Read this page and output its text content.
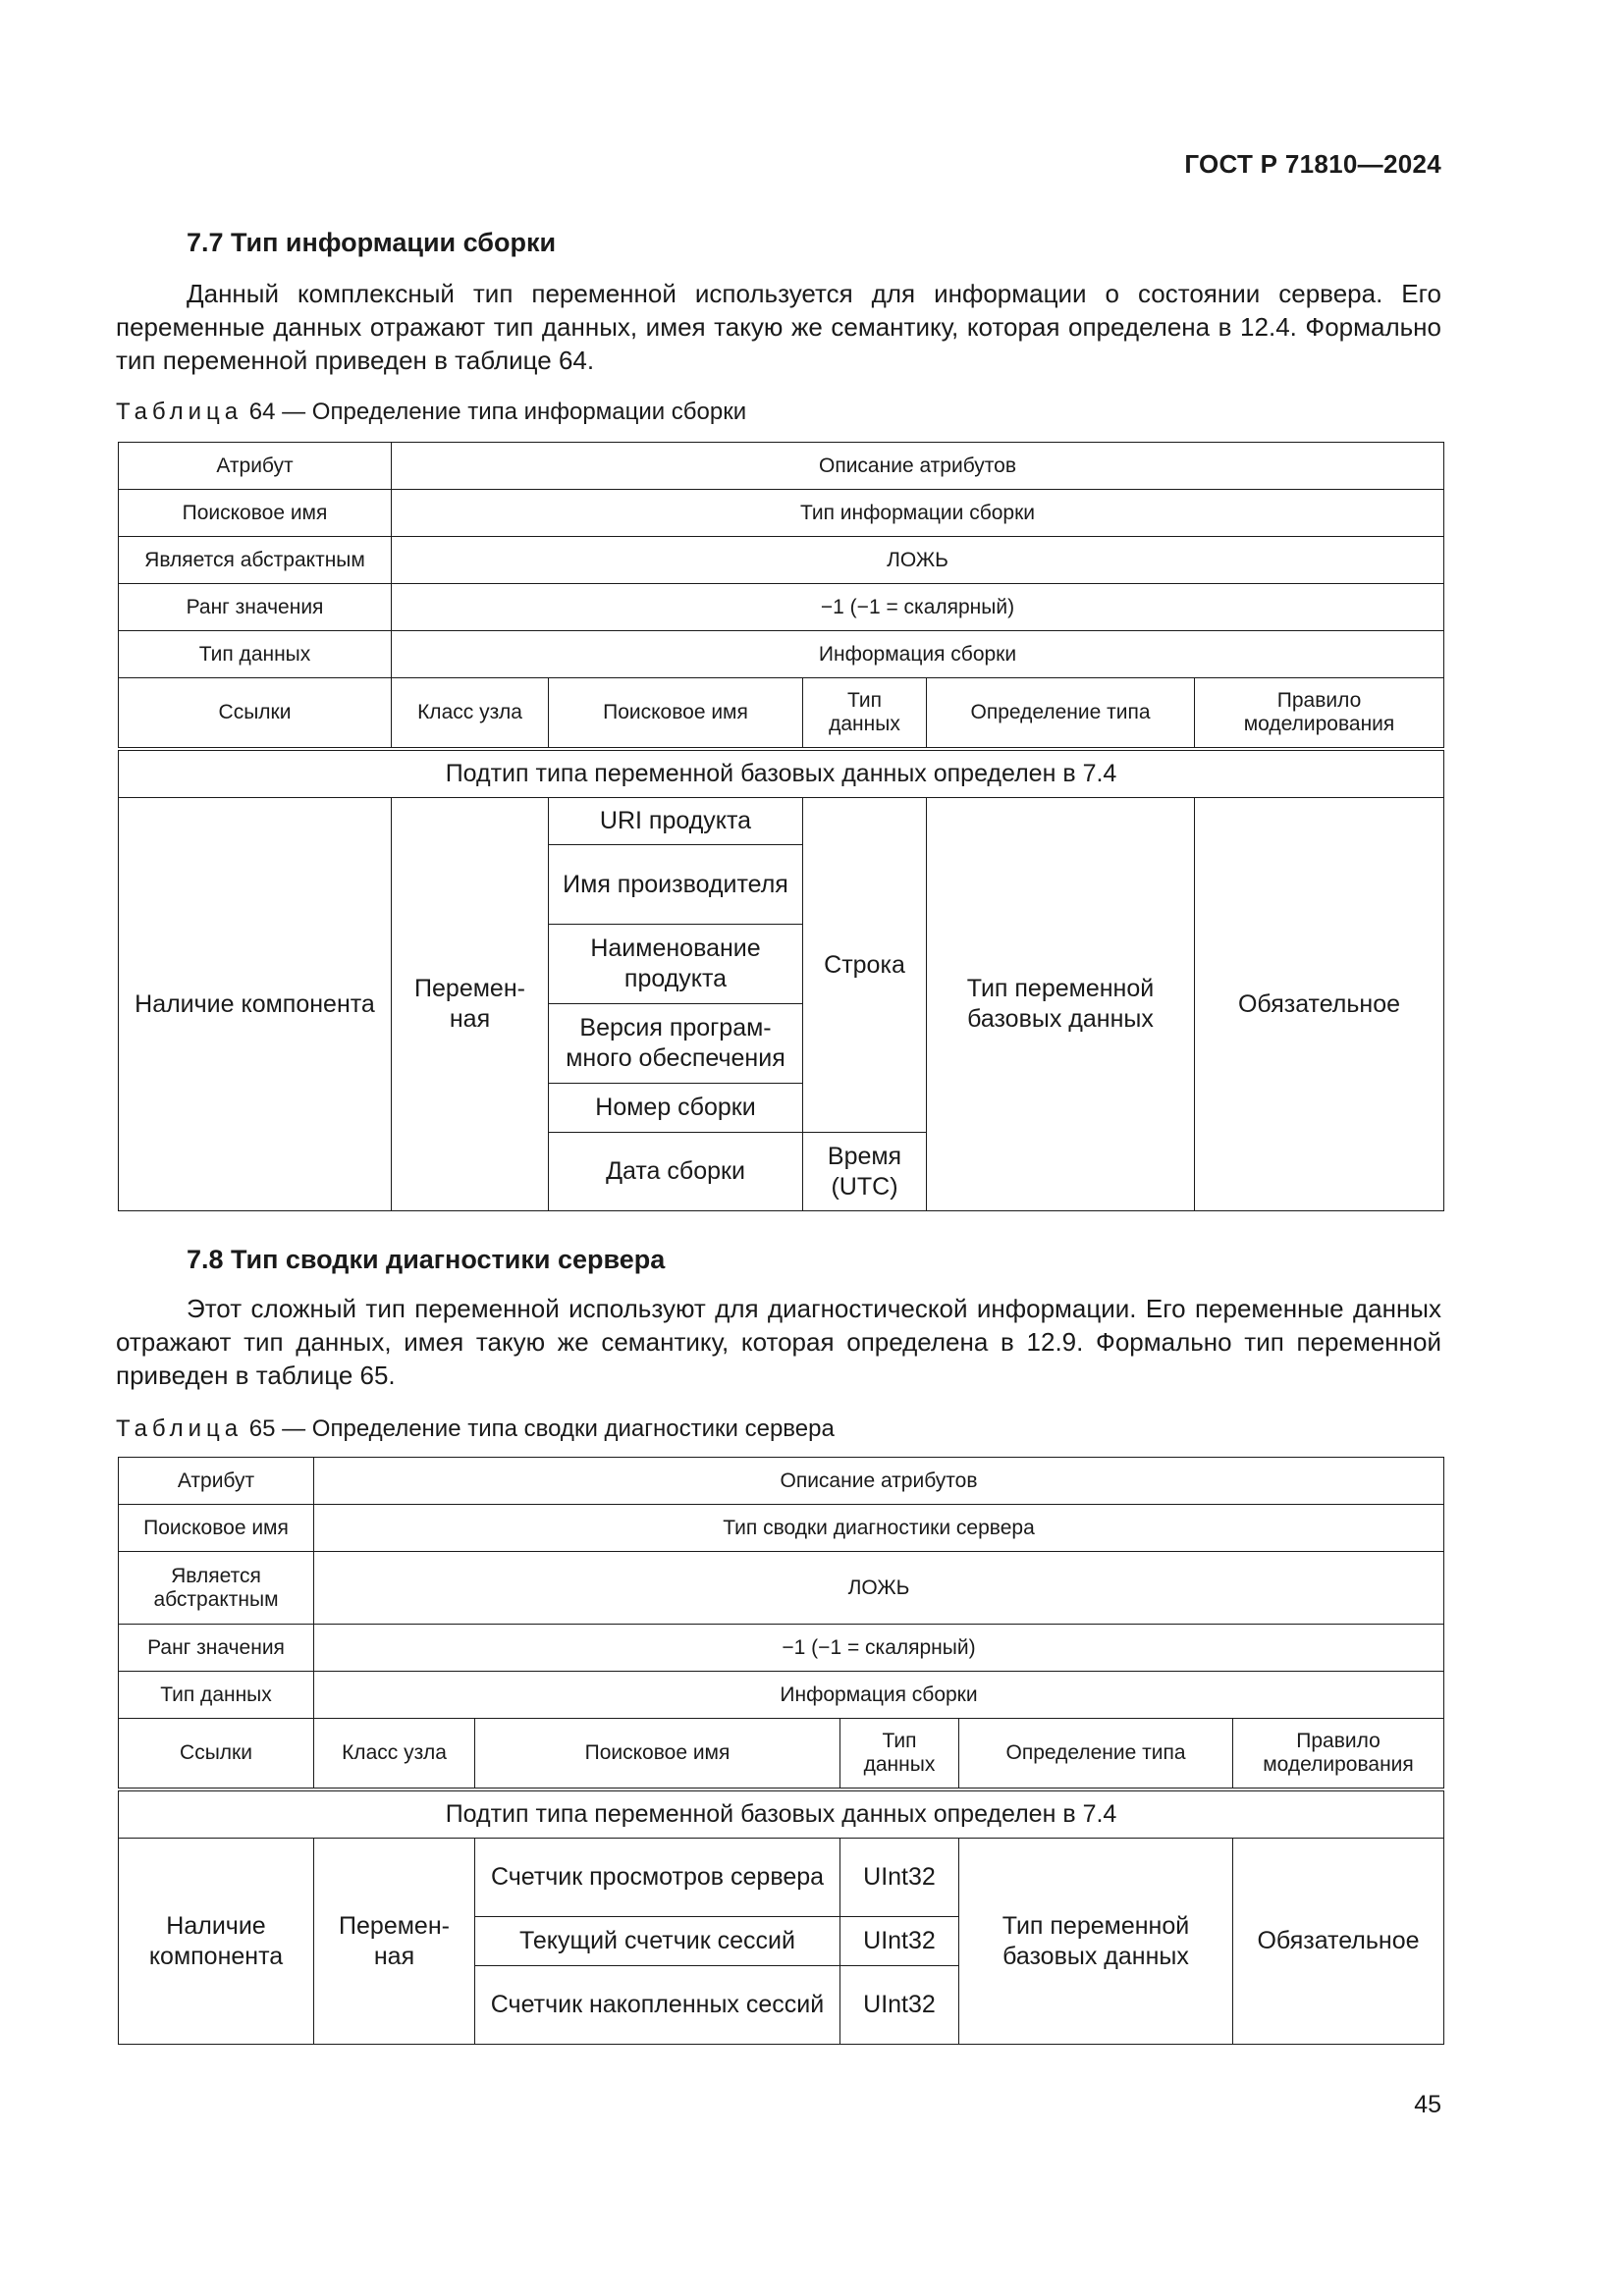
ГОСТ Р 71810—2024
7.7 Тип информации сборки
Данный комплексный тип переменной используется для информации о состоянии сервера. Его переменные данных отражают тип данных, имея такую же семантику, которая определена в 12.4. Формально тип переменной приведен в таблице 64.
Таблица 64 — Определение типа информации сборки
Атрибут	Описание атрибутов				
Поисковое имя	Тип информации сборки				
Является абстрактным	ЛОЖЬ				
Ранг значения	−1 (−1 = скалярный)				
Тип данных	Информация сборки				
Ссылки	Класс узла	Поисковое имя	Тип данных	Определение типа	Правило моделирования
Подтип типа переменной базовых данных определен в 7.4					
Наличие компонента	Перемен-ная	URI продукта	Строка	Тип переменной базовых данных	Обязательное
		Имя производителя			
		Наименование продукта			
		Версия програм-много обеспечения			
		Номер сборки			
		Дата сборки	Время (UTC)		
7.8 Тип сводки диагностики сервера
Этот сложный тип переменной используют для диагностической информации. Его переменные данных отражают тип данных, имея такую же семантику, которая определена в 12.9. Формально тип переменной приведен в таблице 65.
Таблица 65 — Определение типа сводки диагностики сервера
Атрибут	Описание атрибутов				
Поисковое имя	Тип сводки диагностики сервера				
Является абстрактным	ЛОЖЬ				
Ранг значения	−1 (−1 = скалярный)				
Тип данных	Информация сборки				
Ссылки	Класс узла	Поисковое имя	Тип данных	Определение типа	Правило моделирования
Подтип типа переменной базовых данных определен в 7.4					
Наличие компонента	Перемен-ная	Счетчик просмотров сервера	UInt32	Тип переменной базовых данных	Обязательное
		Текущий счетчик сессий	UInt32		
		Счетчик накопленных сессий	UInt32		
45
